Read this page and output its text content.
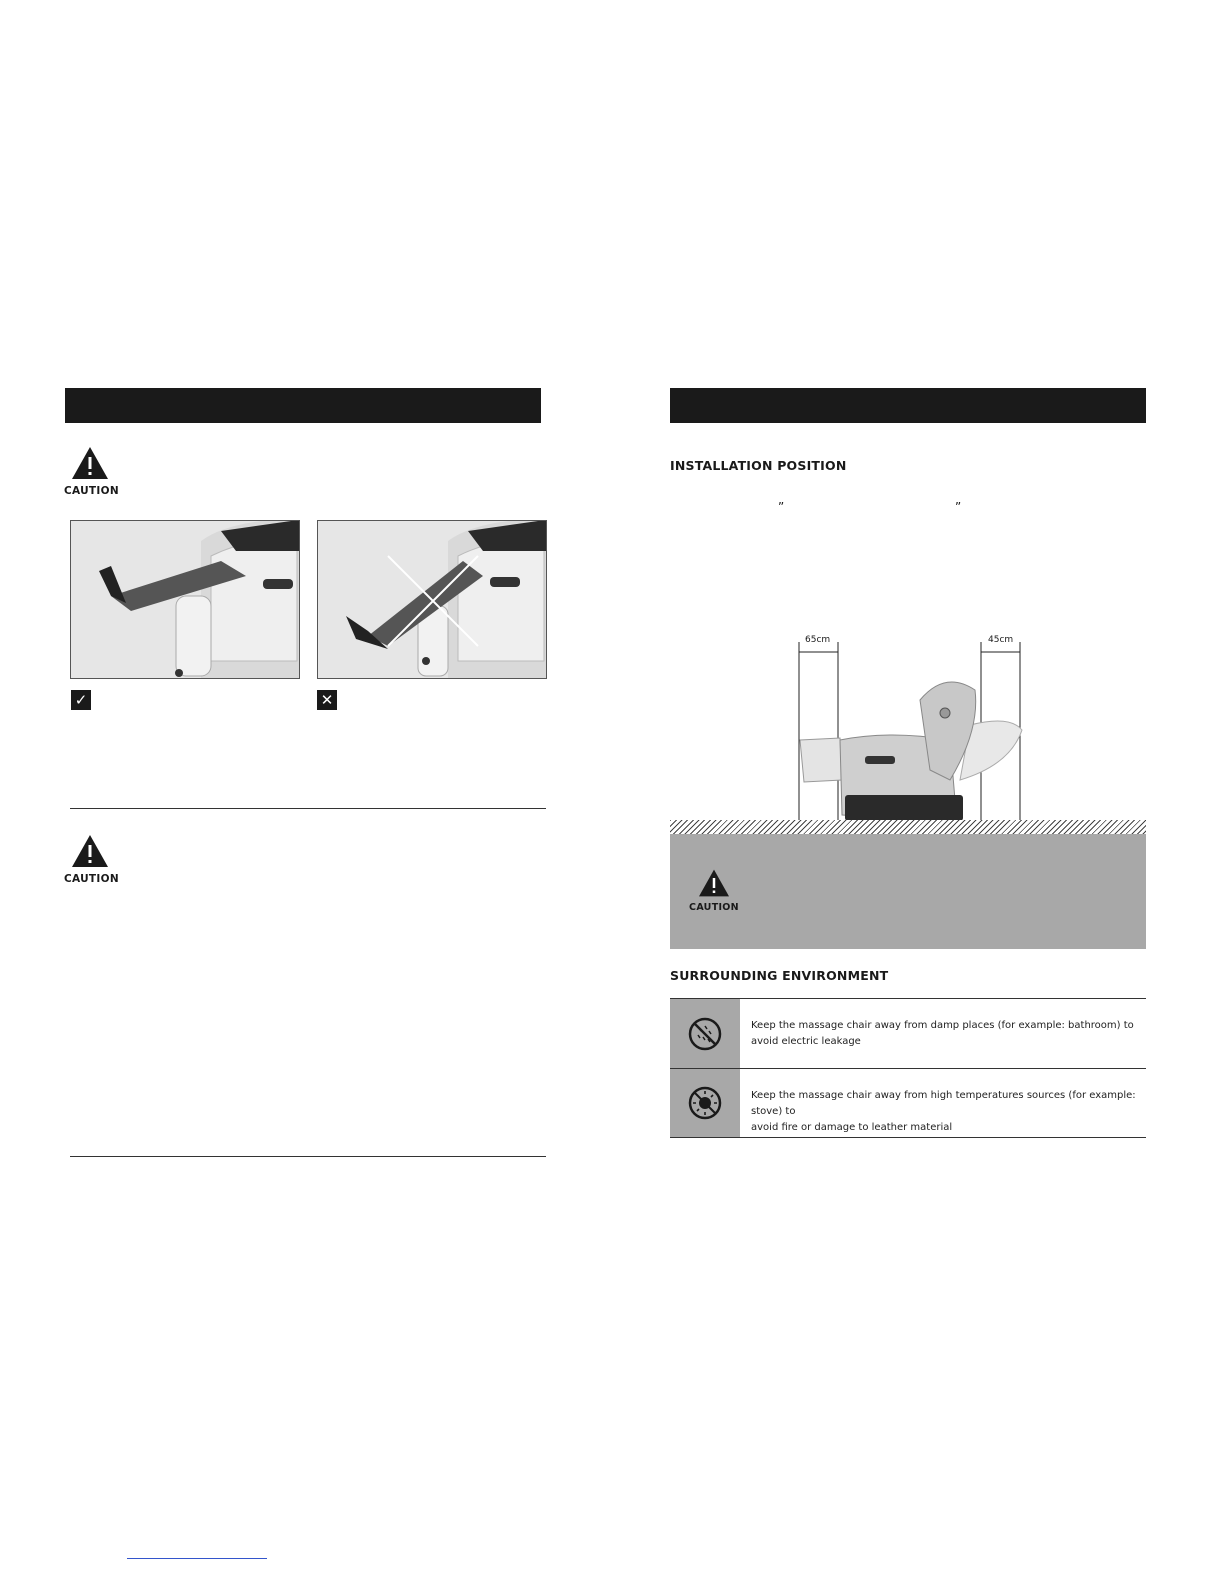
CAUTION
✓	✕
CAUTION
INSTALLATION POSITION
”	”
65cm	45cm
CAUTION
SURROUNDING ENVIRONMENT
Keep the massage chair away from damp places (for example: bathroom) to
avoid electric leakage
Keep the massage chair away from high temperatures sources (for example: stove) to
avoid fire or damage to leather material
